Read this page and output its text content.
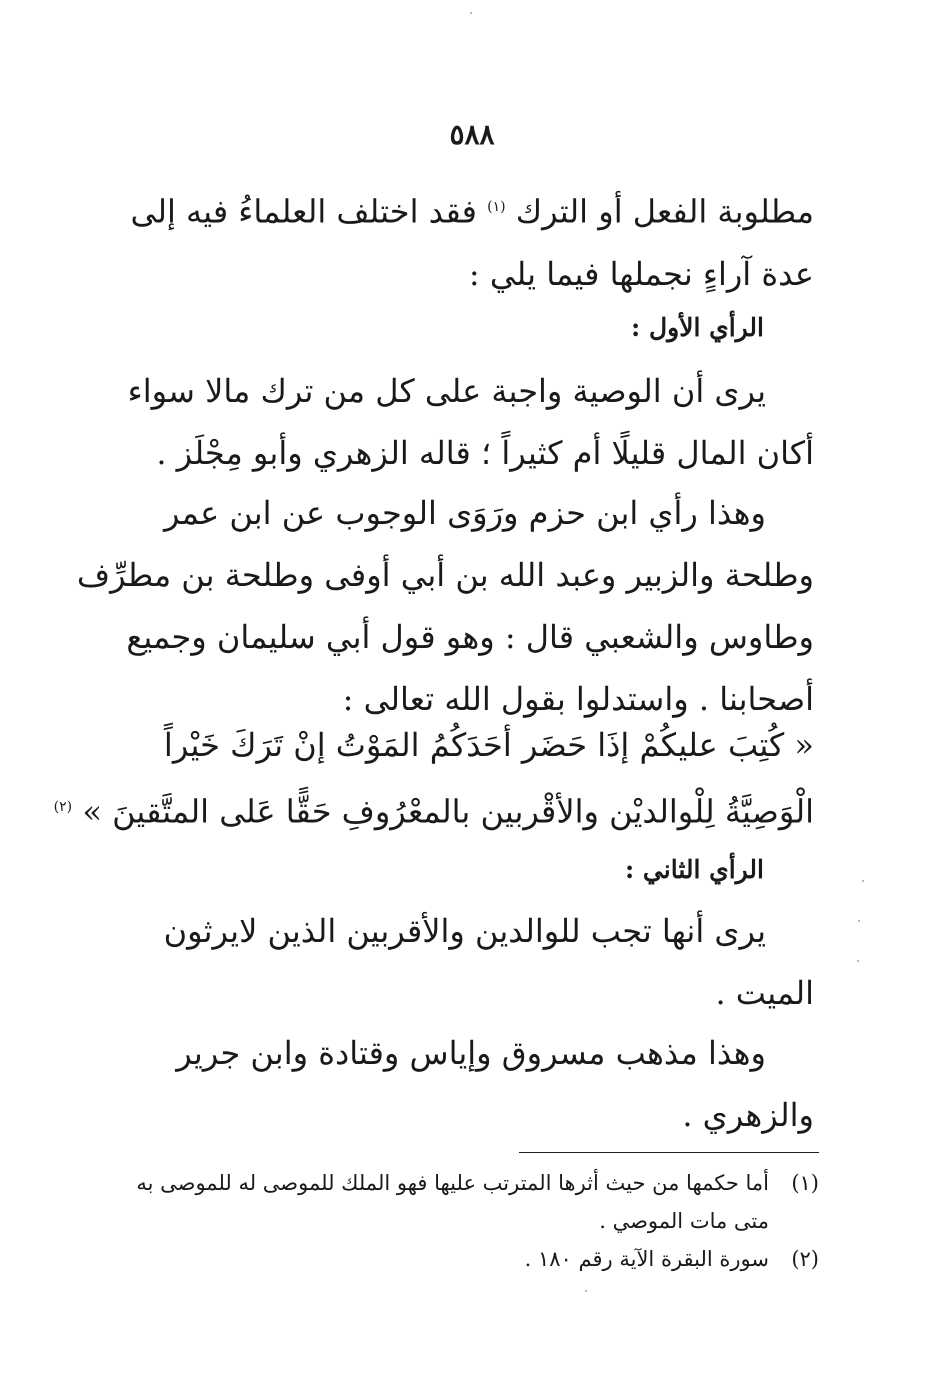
٥٨٨
مطلوبة الفعل أو الترك $^{(١)}$ فقد اختلف العلماءُ فيه إلى
عدة آراءٍ نجملها فيما يلي :
الرأي الأول :
يرى أن الوصية واجبة على كل من ترك مالا سواء
أكان المال قليلًا أم كثيراً ؛ قاله الزهري وأبو مِجْلَز .
وهذا رأي ابن حزم ورَوَى الوجوب عن ابن عمر
وطلحة والزبير وعبد الله بن أبي أوفى وطلحة بن مطرِّف
وطاوس والشعبي قال : وهو قول أبي سليمان وجميع
أصحابنا . واستدلوا بقول الله تعالى :
« كُتِبَ عليكُمْ إذَا حَضَر أحَدَكُمُ المَوْتُ إنْ تَرَكَ خَيْراً
الْوَصِيَّةُ لِلْوالديْن والأقْربين بالمعْرُوفِ حَقًّا عَلى المتَّقينَ » $^{(٢)}$
الرأي الثاني :
يرى أنها تجب للوالدين والأقربين الذين لايرثون
الميت .
وهذا مذهب مسروق وإياس وقتادة وابن جرير
والزهري .
(١)أما حكمها من حيث أثرها المترتب عليها فهو الملك للموصى له للموصى به
متى مات الموصي .
(٢)سورة البقرة الآية رقم ١٨٠ .
